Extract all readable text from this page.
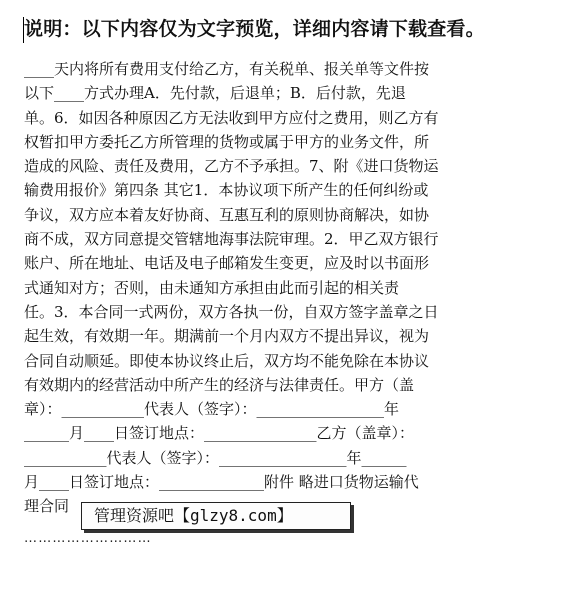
说明：以下内容仅为文字预览，详细内容请下载查看。
____天内将所有费用支付给乙方，有关税单、报关单等文件按
以下____方式办理A．先付款，后退单；B．后付款，先退
单。6．如因各种原因乙方无法收到甲方应付之费用，则乙方有
权暂扣甲方委托乙方所管理的货物或属于甲方的业务文件，所
造成的风险、责任及费用，乙方不予承担。7、附《进口货物运
输费用报价》第四条 其它1．本协议项下所产生的任何纠纷或
争议，双方应本着友好协商、互惠互利的原则协商解决，如协
商不成，双方同意提交管辖地海事法院审理。2．甲乙双方银行
账户、所在地址、电话及电子邮箱发生变更，应及时以书面形
式通知对方；否则，由未通知方承担由此而引起的相关责
任。3．本合同一式两份，双方各执一份，自双方签字盖章之日
起生效，有效期一年。期满前一个月内双方不提出异议，视为
合同自动顺延。即使本协议终止后，双方均不能免除在本协议
有效期内的经营活动中所产生的经济与法律责任。甲方（盖
章）：___________代表人（签字）：_________________年
______月____日签订地点：_______________乙方（盖章）：
___________代表人（签字）：_________________年______
月____日签订地点：______________附件 略进口货物运输代
理合同	管理资源吧【glzy8.com】
………………………
